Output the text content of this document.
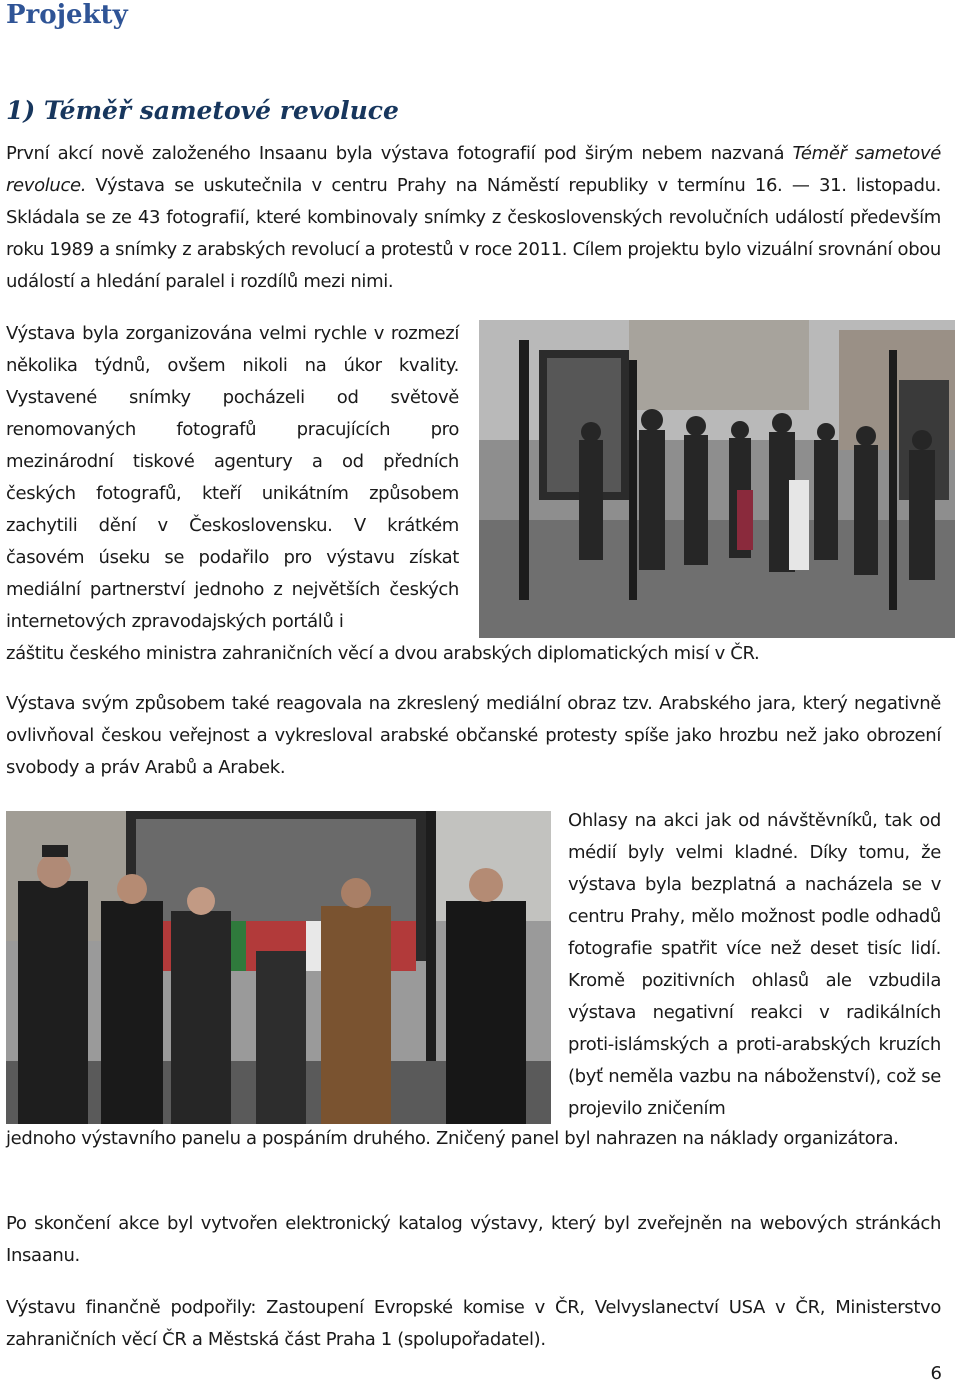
Projekty
1) Téměř sametové revoluce

První akcí nově založeného Insaanu byla výstava fotografií pod širým nebem nazvaná Téměř sametové revoluce. Výstava se uskutečnila v centru Prahy na Náměstí republiky v termínu 16. — 31. listopadu. Skládala se ze 43 fotografií, které kombinovaly snímky z československých revolučních událostí především roku 1989 a snímky z arabských revolucí a protestů v roce 2011. Cílem projektu bylo vizuální srovnání obou událostí a hledání paralel i rozdílů mezi nimi.

Výstava byla zorganizována velmi rychle v rozmezí několika týdnů, ovšem nikoli na úkor kvality. Vystavené snímky pocházeli od světově renomovaných fotografů pracujících pro mezinárodní tiskové agentury a od předních českých fotografů, kteří unikátním způsobem zachytili dění v Československu. V krátkém časovém úseku se podařilo pro výstavu získat mediální partnerství jednoho z největších českých internetových zpravodajských portálů i

záštitu českého ministra zahraničních věcí a dvou arabských diplomatických misí v ČR.

Výstava svým způsobem také reagovala na zkreslený mediální obraz tzv. Arabského jara, který negativně ovlivňoval českou veřejnost a vykresloval arabské občanské protesty spíše jako hrozbu než jako obrození svobody a práv Arabů a Arabek.

Ohlasy na akci jak od návštěvníků, tak od médií byly velmi kladné. Díky tomu, že výstava byla bezplatná a nacházela se v centru Prahy, mělo možnost podle odhadů fotografie spatřit více než deset tisíc lidí. Kromě pozitivních ohlasů ale vzbudila výstava negativní reakci v radikálních proti-islámských a proti-arabských kruzích (byť neměla vazbu na náboženství), což se projevilo zničením

jednoho výstavního panelu a pospáním druhého. Zničený panel byl nahrazen na náklady organizátora.

Po skončení akce byl vytvořen elektronický katalog výstavy, který byl zveřejněn na webových stránkách Insaanu.

Výstavu finančně podpořily: Zastoupení Evropské komise v ČR, Velvyslanectví USA v ČR, Ministerstvo zahraničních věcí ČR a Městská část Praha 1 (spolupořadatel).

6
